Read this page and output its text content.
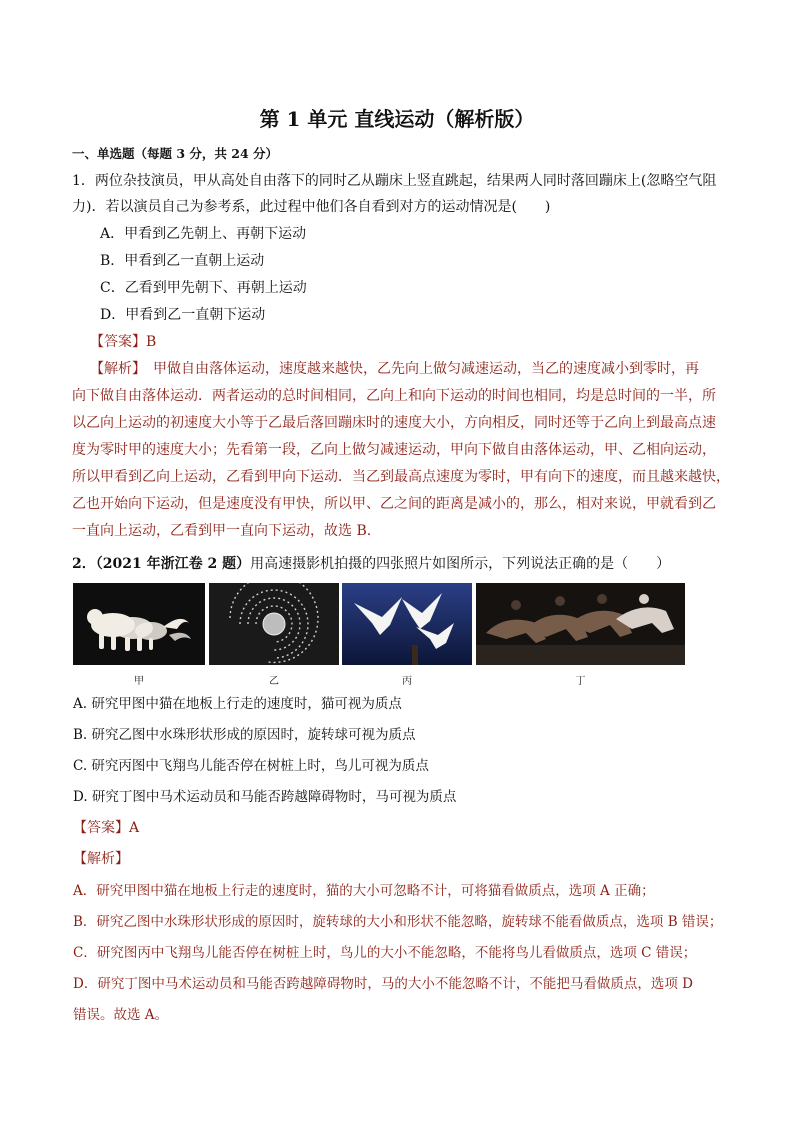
第 1 单元 直线运动（解析版）
一、单选题（每题 3 分，共 24 分）
1．两位杂技演员，甲从高处自由落下的同时乙从蹦床上竖直跳起，结果两人同时落回蹦床上(忽略空气阻
力)．若以演员自己为参考系，此过程中他们各自看到对方的运动情况是(　　)
A．甲看到乙先朝上、再朝下运动
B．甲看到乙一直朝上运动
C．乙看到甲先朝下、再朝上运动
D．甲看到乙一直朝下运动
【答案】B
【解析】　甲做自由落体运动，速度越来越快，乙先向上做匀减速运动，当乙的速度减小到零时，再
向下做自由落体运动．两者运动的总时间相同，乙向上和向下运动的时间也相同，均是总时间的一半，所
以乙向上运动的初速度大小等于乙最后落回蹦床时的速度大小，方向相反，同时还等于乙向上到最高点速
度为零时甲的速度大小；先看第一段，乙向上做匀减速运动，甲向下做自由落体运动，甲、乙相向运动，
所以甲看到乙向上运动，乙看到甲向下运动．当乙到最高点速度为零时，甲有向下的速度，而且越来越快，
乙也开始向下运动，但是速度没有甲快，所以甲、乙之间的距离是减小的，那么，相对来说，甲就看到乙
一直向上运动，乙看到甲一直向下运动，故选 B.
2．（2021 年浙江卷 2 题）用高速摄影机拍摄的四张照片如图所示，下列说法正确的是（　　）
甲	乙	丙	丁
A. 研究甲图中猫在地板上行走的速度时，猫可视为质点
B. 研究乙图中水珠形状形成的原因时，旋转球可视为质点
C. 研究丙图中飞翔鸟儿能否停在树桩上时，鸟儿可视为质点
D. 研究丁图中马术运动员和马能否跨越障碍物时，马可视为质点
【答案】A
【解析】
A．研究甲图中猫在地板上行走的速度时，猫的大小可忽略不计，可将猫看做质点，选项 A 正确；
B．研究乙图中水珠形状形成的原因时，旋转球的大小和形状不能忽略，旋转球不能看做质点，选项 B 错误；
C．研究图丙中飞翔鸟儿能否停在树桩上时，鸟儿的大小不能忽略，不能将鸟儿看做质点，选项 C 错误；
D．研究丁图中马术运动员和马能否跨越障碍物时，马的大小不能忽略不计，不能把马看做质点，选项 D
错误。故选 A。
